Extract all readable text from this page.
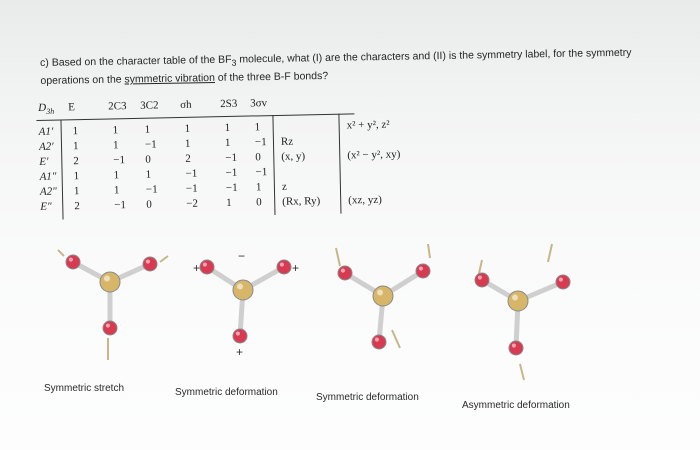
c) Based on the character table of the $BF_3$ molecule, what (I) are the characters and (II) is the symmetry label, for the symmetry operations on the symmetric vibration of the three B-F bonds?
$D_{3h}$ E	2C3 3C2 σh	2S3 3σv
A1' 1	1 1	1	1 1	x² + y², z²
A2' 1	1 −1	1	1 −1 Rz
E' 2	−1 0	2	−1 0 (x, y)	(x² − y², xy)
A1" 1	1 1	−1	−1 −1
A2" 1	1 −1	−1	−1 1 z
E" 2	−1 0	−2	1 0 (Rx, Ry)	(xz, yz)
+
−
+
+
Symmetric stretch	Symmetric deformation	Symmetric deformation
Asymmetric deformation
